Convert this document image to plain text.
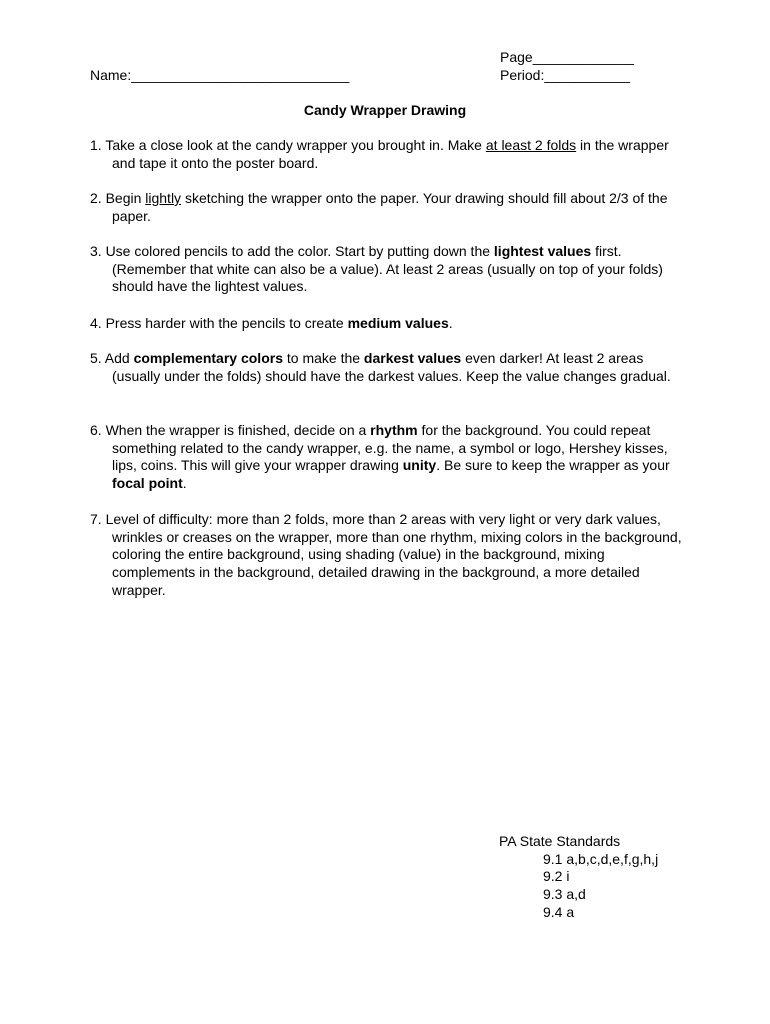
Page_____________
Period:___________
Name:____________________________
Candy Wrapper Drawing
1. Take a close look at the candy wrapper you brought in. Make at least 2 folds in the wrapper and tape it onto the poster board.
2. Begin lightly sketching the wrapper onto the paper. Your drawing should fill about 2/3 of the paper.
3. Use colored pencils to add the color. Start by putting down the lightest values first. (Remember that white can also be a value). At least 2 areas (usually on top of your folds) should have the lightest values.
4. Press harder with the pencils to create medium values.
5. Add complementary colors to make the darkest values even darker! At least 2 areas (usually under the folds) should have the darkest values. Keep the value changes gradual.
6. When the wrapper is finished, decide on a rhythm for the background. You could repeat something related to the candy wrapper, e.g. the name, a symbol or logo, Hershey kisses, lips, coins. This will give your wrapper drawing unity. Be sure to keep the wrapper as your focal point.
7. Level of difficulty: more than 2 folds, more than 2 areas with very light or very dark values, wrinkles or creases on the wrapper, more than one rhythm, mixing colors in the background, coloring the entire background, using shading (value) in the background, mixing complements in the background, detailed drawing in the background, a more detailed wrapper.
PA State Standards
9.1 a,b,c,d,e,f,g,h,j
9.2 i
9.3 a,d
9.4 a
